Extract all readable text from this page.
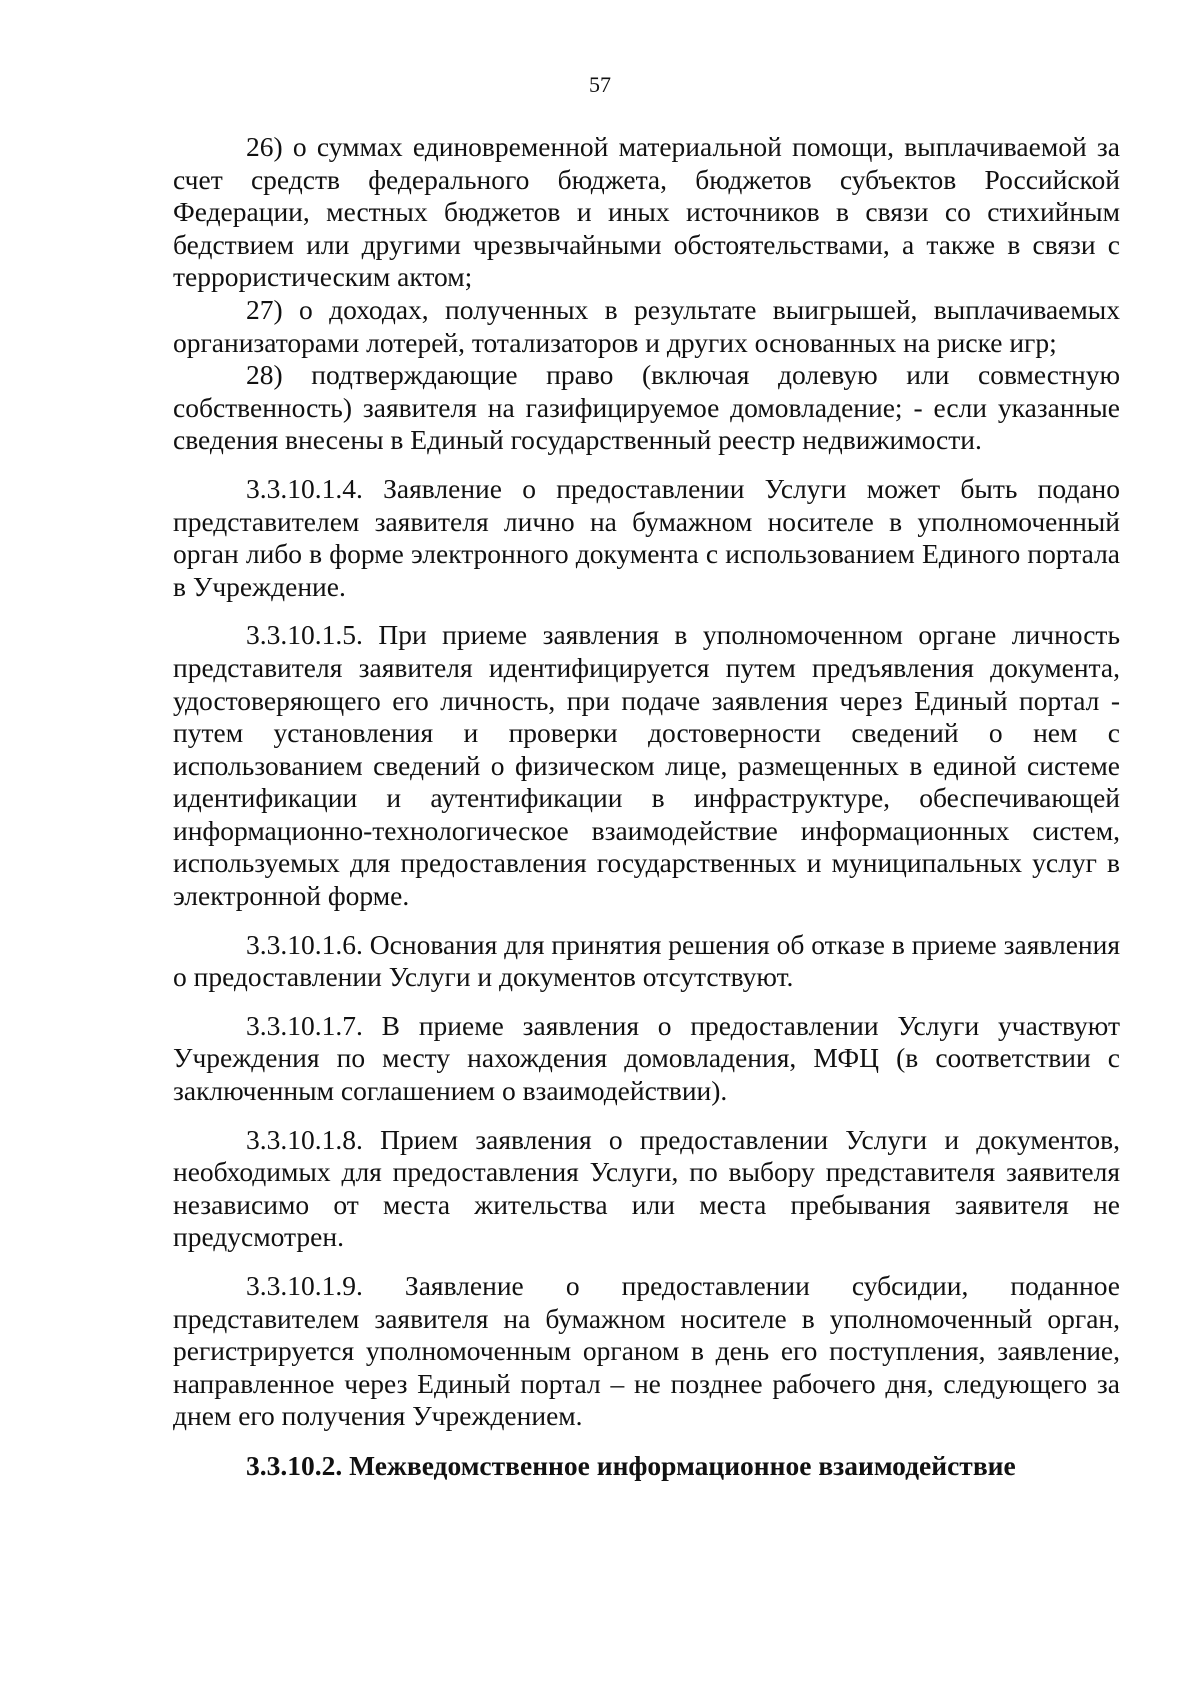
57

26) о суммах единовременной материальной помощи, выплачиваемой за счет средств федерального бюджета, бюджетов субъектов Российской Федерации, местных бюджетов и иных источников в связи со стихийным бедствием или другими чрезвычайными обстоятельствами, а также в связи с террористическим актом;

27) о доходах, полученных в результате выигрышей, выплачиваемых организаторами лотерей, тотализаторов и других основанных на риске игр;

28) подтверждающие право (включая долевую или совместную собственность) заявителя на газифицируемое домовладение; - если указанные сведения внесены в Единый государственный реестр недвижимости.

3.3.10.1.4. Заявление о предоставлении Услуги может быть подано представителем заявителя лично на бумажном носителе в уполномоченный орган либо в форме электронного документа с использованием Единого портала в Учреждение.

3.3.10.1.5. При приеме заявления в уполномоченном органе личность представителя заявителя идентифицируется путем предъявления документа, удостоверяющего его личность, при подаче заявления через Единый портал - путем установления и проверки достоверности сведений о нем с использованием сведений о физическом лице, размещенных в единой системе идентификации и аутентификации в инфраструктуре, обеспечивающей информационно-технологическое взаимодействие информационных систем, используемых для предоставления государственных и муниципальных услуг в электронной форме.

3.3.10.1.6. Основания для принятия решения об отказе в приеме заявления о предоставлении Услуги и документов отсутствуют.

3.3.10.1.7. В приеме заявления о предоставлении Услуги участвуют Учреждения по месту нахождения домовладения, МФЦ (в соответствии с заключенным соглашением о взаимодействии).

3.3.10.1.8. Прием заявления о предоставлении Услуги и документов, необходимых для предоставления Услуги, по выбору представителя заявителя независимо от места жительства или места пребывания заявителя не предусмотрен.

3.3.10.1.9. Заявление о предоставлении субсидии, поданное представителем заявителя на бумажном носителе в уполномоченный орган, регистрируется уполномоченным органом в день его поступления, заявление, направленное через Единый портал – не позднее рабочего дня, следующего за днем его получения Учреждением.

3.3.10.2. Межведомственное информационное взаимодействие
